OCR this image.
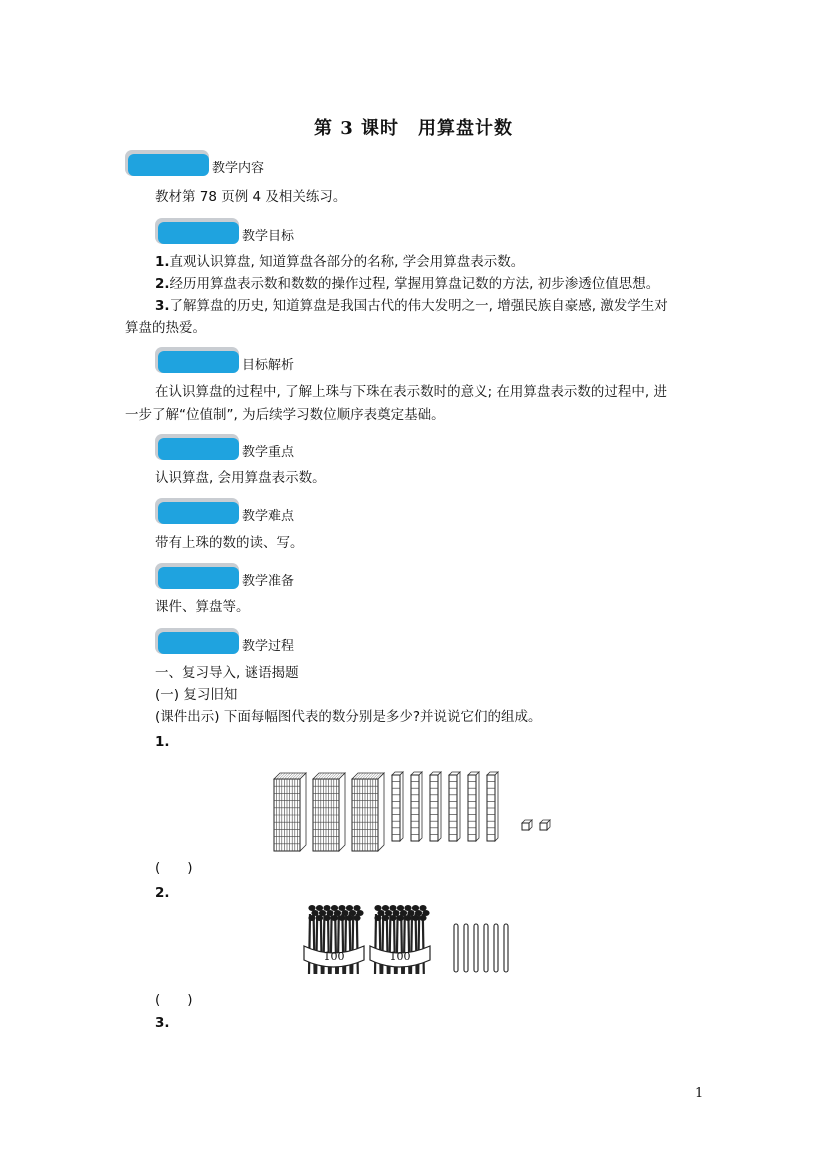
第 3 课时　用算盘计数
教学内容
教材第 78 页例 4 及相关练习。
教学目标
1.直观认识算盘, 知道算盘各部分的名称, 学会用算盘表示数。
2.经历用算盘表示数和数数的操作过程, 掌握用算盘记数的方法, 初步渗透位值思想。
3.了解算盘的历史, 知道算盘是我国古代的伟大发明之一, 增强民族自豪感, 激发学生对
算盘的热爱。
目标解析
在认识算盘的过程中, 了解上珠与下珠在表示数时的意义; 在用算盘表示数的过程中, 进
一步了解“位值制”, 为后续学习数位顺序表奠定基础。
教学重点
认识算盘, 会用算盘表示数。
教学难点
带有上珠的数的读、写。
教学准备
课件、算盘等。
教学过程
一、复习导入, 谜语揭题
(一) 复习旧知
(课件出示) 下面每幅图代表的数分别是多少?并说说它们的组成。
1.
(　　)
2.
100	100
(　　)
3.
1
